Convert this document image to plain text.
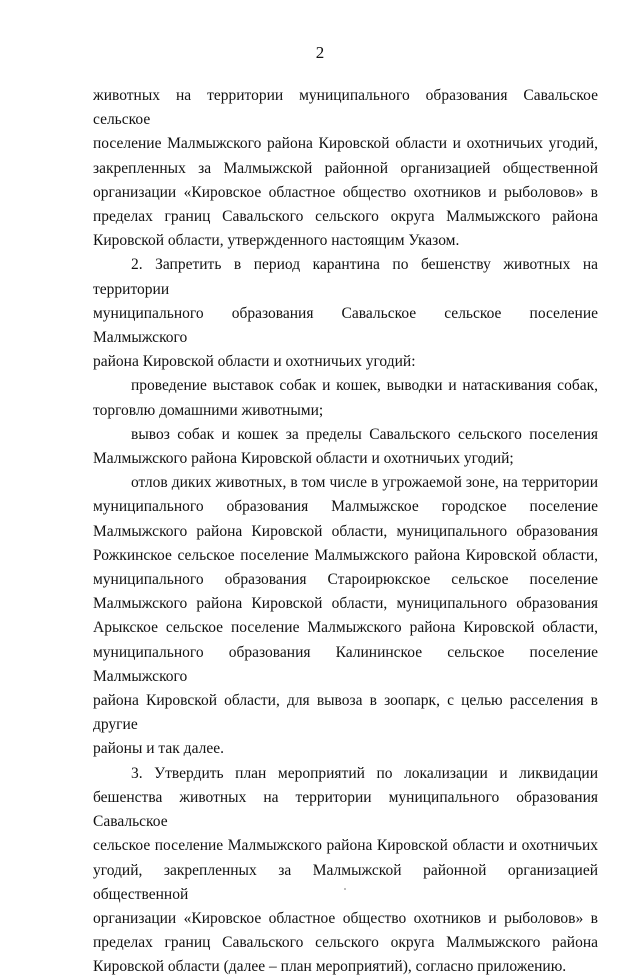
2
животных на территории муниципального образования Савальское сельское
поселение Малмыжского района Кировской области и охотничьих угодий,
закрепленных за Малмыжской районной организацией общественной
организации «Кировское областное общество охотников и рыболовов» в
пределах границ Савальского сельского округа Малмыжского района
Кировской области, утвержденного настоящим Указом.
2. Запретить в период карантина по бешенству животных на территории
муниципального образования Савальское сельское поселение Малмыжского
района Кировской области и охотничьих угодий:
проведение выставок собак и кошек, выводки и натаскивания собак,
торговлю домашними животными;
вывоз собак и кошек за пределы Савальского сельского поселения
Малмыжского района Кировской области и охотничьих угодий;
отлов диких животных, в том числе в угрожаемой зоне, на территории
муниципального образования Малмыжское городское поселение
Малмыжского района Кировской области, муниципального образования
Рожкинское сельское поселение Малмыжского района Кировской области,
муниципального образования Староирюкское сельское поселение
Малмыжского района Кировской области, муниципального образования
Арыкское сельское поселение Малмыжского района Кировской области,
муниципального образования Калининское сельское поселение Малмыжского
района Кировской области, для вывоза в зоопарк, с целью расселения в другие
районы и так далее.
3. Утвердить план мероприятий по локализации и ликвидации
бешенства животных на территории муниципального образования Савальское
сельское поселение Малмыжского района Кировской области и охотничьих
угодий, закрепленных за Малмыжской районной организацией общественной
организации «Кировское областное общество охотников и рыболовов» в
пределах границ Савальского сельского округа Малмыжского района
Кировской области (далее – план мероприятий), согласно приложению.
